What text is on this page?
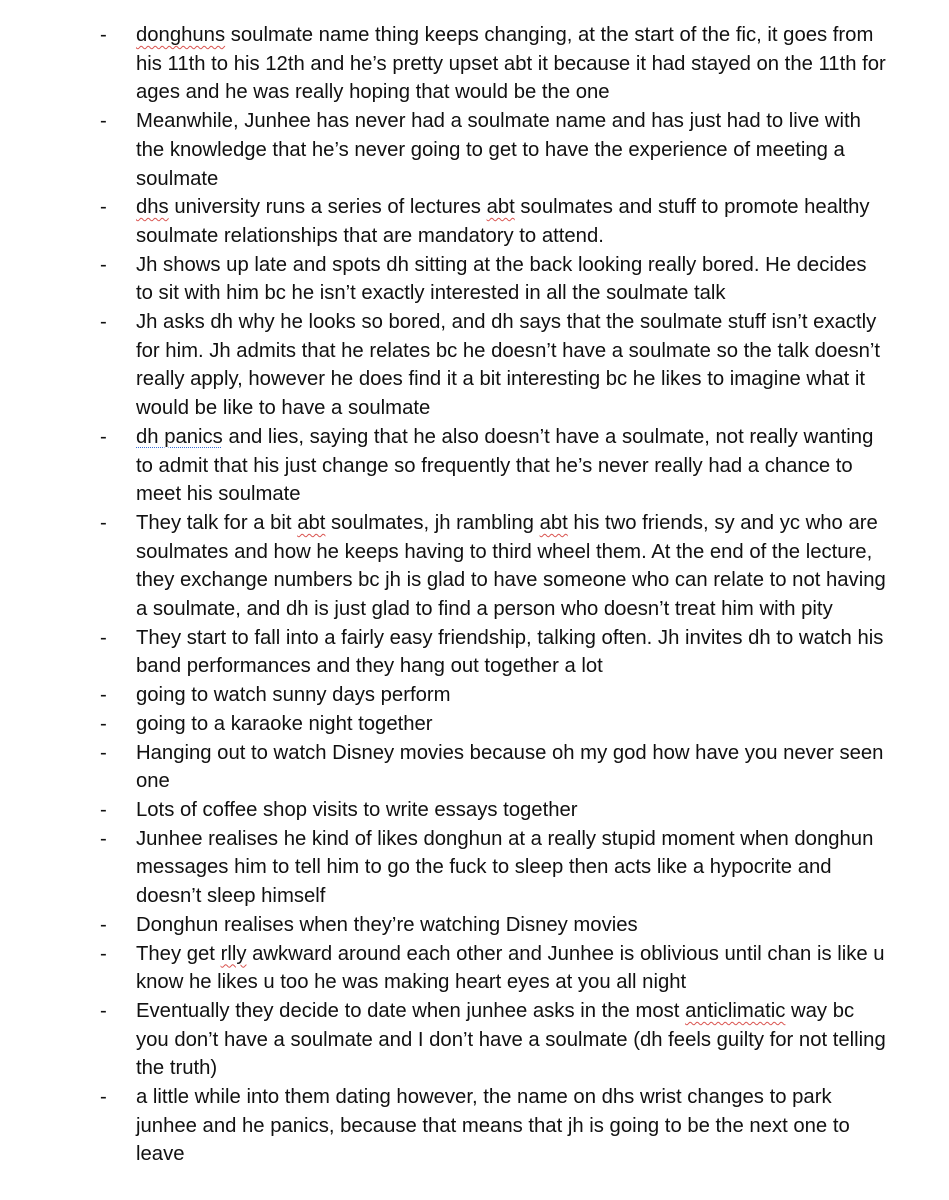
-	donghuns soulmate name thing keeps changing, at the start of the fic, it goes from his 11th to his 12th and he’s pretty upset abt it because it had stayed on the 11th for ages and he was really hoping that would be the one
-	Meanwhile, Junhee has never had a soulmate name and has just had to live with the knowledge that he’s never going to get to have the experience of meeting a soulmate
-	dhs university runs a series of lectures abt soulmates and stuff to promote healthy soulmate relationships that are mandatory to attend.
-	Jh shows up late and spots dh sitting at the back looking really bored. He decides to sit with him bc he isn’t exactly interested in all the soulmate talk
-	Jh asks dh why he looks so bored, and dh says that the soulmate stuff isn’t exactly for him. Jh admits that he relates bc he doesn’t have a soulmate so the talk doesn’t really apply, however he does find it a bit interesting bc he likes to imagine what it would be like to have a soulmate
-	dh panics and lies, saying that he also doesn’t have a soulmate, not really wanting to admit that his just change so frequently that he’s never really had a chance to meet his soulmate
-	They talk for a bit abt soulmates, jh rambling abt his two friends, sy and yc who are soulmates and how he keeps having to third wheel them. At the end of the lecture, they exchange numbers bc jh is glad to have someone who can relate to not having a soulmate, and dh is just glad to find a person who doesn’t treat him with pity
-	They start to fall into a fairly easy friendship, talking often. Jh invites dh to watch his band performances and they hang out together a lot
-	going to watch sunny days perform
-	going to a karaoke night together
-	Hanging out to watch Disney movies because oh my god how have you never seen one
-	Lots of coffee shop visits to write essays together
-	Junhee realises he kind of likes donghun at a really stupid moment when donghun messages him to tell him to go the fuck to sleep then acts like a hypocrite and doesn’t sleep himself
-	Donghun realises when they’re watching Disney movies
-	They get rlly awkward around each other and Junhee is oblivious until chan is like u know he likes u too he was making heart eyes at you all night
-	Eventually they decide to date when junhee asks in the most anticlimatic way bc you don’t have a soulmate and I don’t have a soulmate (dh feels guilty for not telling the truth)
-	a little while into them dating however, the name on dhs wrist changes to park junhee and he panics, because that means that jh is going to be the next one to leave
